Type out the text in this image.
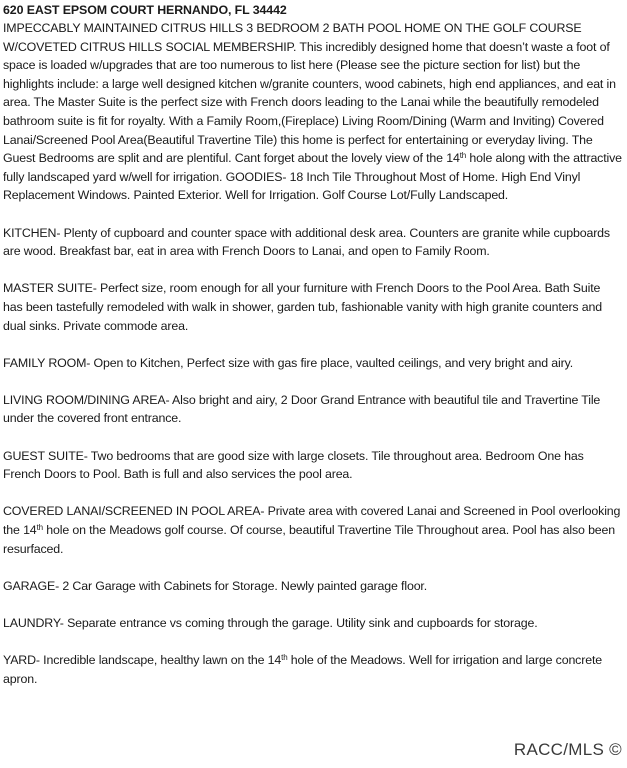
620 EAST EPSOM COURT HERNANDO, FL 34442

IMPECCABLY MAINTAINED CITRUS HILLS 3 BEDROOM 2 BATH POOL HOME ON THE GOLF COURSE W/COVETED CITRUS HILLS SOCIAL MEMBERSHIP. This incredibly designed home that doesn’t waste a foot of space is loaded w/upgrades that are too numerous to list here (Please see the picture section for list) but the highlights include: a large well designed kitchen w/granite counters, wood cabinets, high end appliances, and eat in area. The Master Suite is the perfect size with French doors leading to the Lanai while the beautifully remodeled bathroom suite is fit for royalty. With a Family Room,(Fireplace) Living Room/Dining (Warm and Inviting) Covered Lanai/Screened Pool Area(Beautiful Travertine Tile) this home is perfect for entertaining or everyday living. The Guest Bedrooms are split and are plentiful. Cant forget about the lovely view of the 14th hole along with the attractive fully landscaped yard w/well for irrigation. GOODIES- 18 Inch Tile Throughout Most of Home. High End Vinyl Replacement Windows. Painted Exterior. Well for Irrigation. Golf Course Lot/Fully Landscaped.

KITCHEN- Plenty of cupboard and counter space with additional desk area. Counters are granite while cupboards are wood. Breakfast bar, eat in area with French Doors to Lanai, and open to Family Room.

MASTER SUITE- Perfect size, room enough for all your furniture with French Doors to the Pool Area. Bath Suite has been tastefully remodeled with walk in shower, garden tub, fashionable vanity with high granite counters and dual sinks. Private commode area.

FAMILY ROOM- Open to Kitchen, Perfect size with gas fire place, vaulted ceilings, and very bright and airy.

LIVING ROOM/DINING AREA- Also bright and airy, 2 Door Grand Entrance with beautiful tile and Travertine Tile under the covered front entrance.

GUEST SUITE- Two bedrooms that are good size with large closets. Tile throughout area. Bedroom One has French Doors to Pool. Bath is full and also services the pool area.

COVERED LANAI/SCREENED IN POOL AREA- Private area with covered Lanai and Screened in Pool overlooking the 14th hole on the Meadows golf course. Of course, beautiful Travertine Tile Throughout area. Pool has also been resurfaced.

GARAGE- 2 Car Garage with Cabinets for Storage. Newly painted garage floor.

LAUNDRY- Separate entrance vs coming through the garage. Utility sink and cupboards for storage.

YARD- Incredible landscape, healthy lawn on the 14th hole of the Meadows. Well for irrigation and large concrete apron.

RACC/MLS ©
